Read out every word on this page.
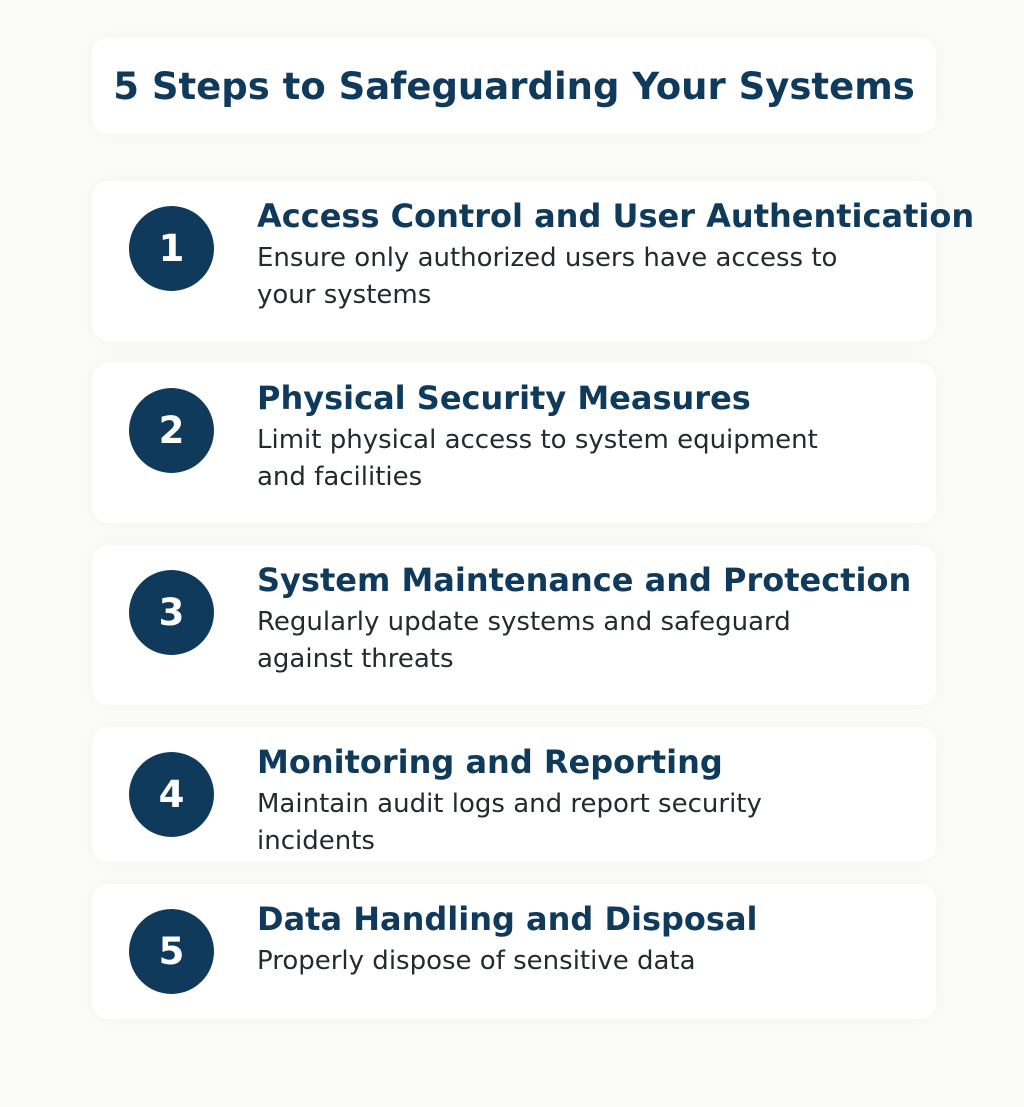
5 Steps to Safeguarding Your Systems
1
Access Control and User Authentication

Ensure only authorized users have access to your systems

2
Physical Security Measures

Limit physical access to system equipment and facilities

3
System Maintenance and Protection

Regularly update systems and safeguard against threats

4
Monitoring and Reporting

Maintain audit logs and report security incidents

5
Data Handling and Disposal

Properly dispose of sensitive data
